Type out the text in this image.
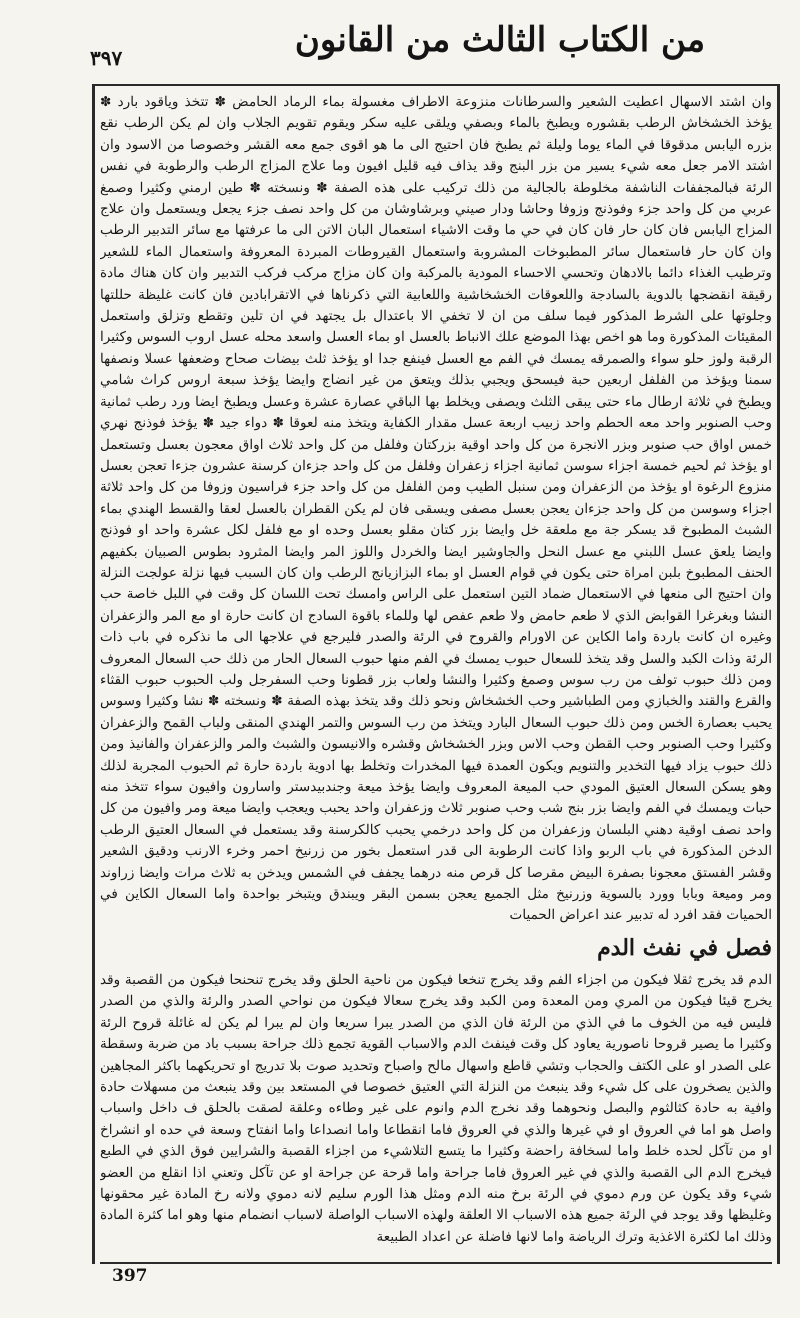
٣٩٧	من الكتاب الثالث من القانون

وان اشتد الاسهال اعطيت الشعير والسرطانات منزوعة الاطراف مغسولة بماء الرماد الحامض ✽ تتخذ وياقود بارد ✽ يؤخذ الخشخاش الرطب بقشوره ويطبخ بالماء وبصفي ويلقى عليه سكر ويقوم تقويم الجلاب وان لم يكن الرطب نقع بزره اليابس مدقوقا في الماء يوما وليلة ثم يطبخ فان احتيج الى ما هو اقوى جمع معه القشر وخصوصا من الاسود وان اشتد الامر جعل معه شيء يسير من بزر البنج وقد يذاف فيه قليل افيون وما علاج المزاج الرطب والرطوبة في نفس الرئة فبالمجففات الناشفة مخلوطة بالجالية من ذلك تركيب على هذه الصفة ✽ ونسخته ✽ طين ارمني وكثيرا وصمغ عربي من كل واحد جزء وفوذنج وزوفا وحاشا ودار صيني وبرشاوشان من كل واحد نصف جزء يجعل ويستعمل وان علاج المزاج اليابس فان كان حار فان كان في حي ما وقت الاشياء استعمال البان الاتن الى ما عرفتها مع سائر التدبير الرطب وان كان حار فاستعمال سائر المطبوخات المشروبة واستعمال القيروطات المبردة المعروفة واستعمال الماء للشعير وترطيب الغذاء دائما بالادهان وتحسي الاحساء المودية بالمركبة وان كان مزاج مركب فركب التدبير وان كان هناك مادة رقيقة انقضجها بالدوية بالسادجة واللعوقات الخشخاشية واللعابية التي ذكرناها في الاتقرابادين فان كانت غليظة حللتها وجلوتها على الشرط المذكور فيما سلف من ان لا تخفي الا باعتدال بل يجتهد في ان تلين وتقطع وتزلق واستعمل المقيئات المذكورة وما هو اخص بهذا الموضع علك الانباط بالعسل او بماء العسل واسعد محله عسل اروب السوس وكثيرا الرقبة ولوز حلو سواء والصمرقه يمسك في الفم مع العسل فينفع جدا او يؤخذ ثلث بيضات صحاح وضعفها عسلا ونصفها سمنا ويؤخذ من الفلفل اربعين حبة فيسحق ويجبي بذلك ويتعق من غير انضاج وايضا يؤخذ سبعة اروس كراث شامي ويطبخ في ثلاثة ارطال ماء حتى يبقى الثلث ويصفى ويخلط بها الباقي عصارة عشرة وعسل ويطبخ ايضا ورد رطب ثمانية وحب الصنوبر واحد معه الحطم واحد زبيب اربعة عسل مقدار الكفاية ويتخذ منه لعوقا ✽ دواء جيد ✽ يؤخذ فوذنج نهري خمس اواق حب صنوبر وبزر الانجرة من كل واحد اوقية بزركتان وفلفل من كل واحد ثلاث اواق معجون بعسل وتستعمل او يؤخذ ثم لحيم خمسة اجزاء سوسن ثمانية اجزاء زعفران وفلفل من كل واحد جزءان كرسنة عشرون جزءا تعجن بعسل منزوع الرغوة او يؤخذ من الزعفران ومن سنبل الطيب ومن الفلفل من كل واحد جزء فراسيون وزوفا من كل واحد ثلاثة اجزاء وسوسن من كل واحد جزءان يعجن بعسل مصفى ويسقى فان لم يكن القطران بالعسل لعقا والقسط الهندي بماء الشبث المطبوخ قد يسكر جة مع ملعقة خل وايضا بزر كتان مقلو بعسل وحده او مع فلفل لكل عشرة واحد او فوذنج وايضا يلعق عسل اللبني مع عسل النحل والجاوشير ايضا والخردل واللوز المر وايضا المثرود بطوس الصبيان بكفيهم الحنف المطبوخ بلبن امراة حتى يكون في قوام العسل او بماء البزازيانج الرطب وان كان السبب فيها نزلة عولجت النزلة وان احتيج الى منعها في الاستعمال ضماد التين استعمل على الراس وامسك تحت اللسان كل وقت في اللبل خاصة حب النشا وبغرغرا القوابض الذي لا طعم حامض ولا طعم عفص لها وللماء باقوة السادج ان كانت حارة او مع المر والزعفران وغيره ان كانت باردة واما الكاين عن الاورام والقروح في الرئة والصدر فليرجع في علاجها الى ما نذكره في باب ذات الرئة وذات الكبد والسل وقد يتخذ للسعال حبوب يمسك في الفم منها حبوب السعال الحار من ذلك حب السعال المعروف ومن ذلك حبوب تولف من رب سوس وصمغ وكثيرا والنشا ولعاب بزر قطونا وحب السفرجل ولب الحبوب حبوب القثاء والقرع والقند والخبازي ومن الطباشير وحب الخشخاش ونحو ذلك وقد يتخذ بهذه الصفة ✽ ونسخته ✽ نشا وكثيرا وسوس يحبب بعصارة الخس ومن ذلك حبوب السعال البارد ويتخذ من رب السوس والتمر الهندي المنقى ولباب القمح والزعفران وكثيرا وحب الصنوبر وحب القطن وحب الاس وبزر الخشخاش وقشره والانيسون والشبث والمر والزعفران والفانيذ ومن ذلك حبوب يزاد فيها التخدير والتنويم ويكون العمدة فيها المخدرات وتخلط بها ادوية باردة حارة ثم الحبوب المجربة لذلك وهو يسكن السعال العتيق المودي حب الميعة المعروف وايضا يؤخذ ميعة وجندبيدستر واسارون وافيون سواء تتخذ منه حبات ويمسك في الفم وايضا بزر بنج شب وحب صنوبر ثلاث وزعفران واحد يحبب ويعجب وايضا ميعة ومر وافيون من كل واحد نصف اوقية دهني البلسان وزعفران من كل واحد درخمي يحبب كالكرسنة وقد يستعمل في السعال العتيق الرطب الدخن المذكورة في باب الربو واذا كانت الرطوبة الى قدر استعمل بخور من زرنيخ احمر وخرء الارنب ودقيق الشعير وقشر الفستق معجونا بصفرة البيض مقرصا كل قرص منه درهما يجفف في الشمس ويدخن به ثلاث مرات وايضا زراوند ومر وميعة وبابا وورد بالسوية وزرنيخ مثل الجميع يعجن بسمن البقر ويبندق ويتبخر بواحدة واما السعال الكاين في الحميات فقد افرد له تدبير عند اعراض الحميات

فصل في نفث الدم

الدم قد يخرج ثقلا فيكون من اجزاء الفم وقد يخرج تنخعا فيكون من ناحية الحلق وقد يخرج تنحنحا فيكون من القصبة وقد يخرج قيئا فيكون من المري ومن المعدة ومن الكبد وقد يخرج سعالا فيكون من نواحي الصدر والرئة والذي من الصدر فليس فيه من الخوف ما في الذي من الرئة فان الذي من الصدر يبرا سريعا وان لم يبرا لم يكن له غائلة قروح الرئة وكثيرا ما يصير قروحا ناصورية يعاود كل وقت فينفث الدم والاسباب القوية تجمع ذلك جراحة بسبب باد من ضربة وسقطة على الصدر او على الكتف والحجاب وتشي قاطع واسهال مالح واصباح وتحديد صوت بلا تدريج او تحريكهما باكثر المجاهين والذين يصخرون على كل شيء وقد ينبعث من النزلة التي العتيق خصوصا في المستعد بين وقد ينبعث من مسهلات حادة وافية به حادة كثالثوم والبصل ونحوهما وقد نخرج الدم وانوم على غير وطاءه وعلقة لصقت بالحلق ف داخل واسباب واصل هو اما في العروق او في غيرها والذي في العروق فاما انقطاعا واما انصداعا واما انفتاح وسعة في حده او انشراخ او من تآكل لحده خلط واما لسخافة راحضة وكثيرا ما يتسع التلاشيء من اجزاء القصبة والشرايين فوق الذي في الطبع فيخرج الدم الى القصبة والذي في غير العروق فاما جراحة واما قرحة عن جراحة او عن تآكل وتعني اذا انقلع من العضو شيء وقد يكون عن ورم دموي في الرئة برخ منه الدم ومثل هذا الورم سليم لانه دموي ولانه رخ المادة غير محقونها وغليظها وقد يوجد في الرئة جميع هذه الاسباب الا العلقة ولهذه الاسباب الواصلة لاسباب انضمام منها وهو اما كثرة المادة وذلك اما لكثرة الاغذية وترك الرياضة واما لانها فاضلة عن اعداد الطبيعة

397
